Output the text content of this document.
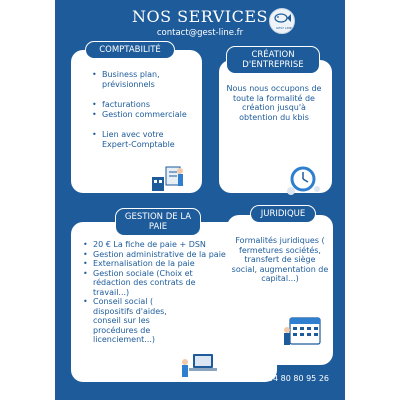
NOS SERVICES
GEST LINE
contact@gest-line.fr
COMPTABILITÉ
• Business plan, prévisionnels
• facturations
• Gestion commerciale
• Lien avec votre Expert-Comptable
CRÉATION D'ENTREPRISE
Nous nous occupons de toute la formalité de création jusqu'à obtention du kbis
GESTION DE LA PAIE
• 20 € La fiche de paie + DSN
• Gestion administrative de la paie
• Externalisation de la paie
• Gestion sociale (Choix et rédaction des contrats de travail...)
• Conseil social ( dispositifs d'aides, conseil sur les procédures de licenciement...)
JURIDIQUE
Formalités juridiques ( fermetures sociétés, transfert de siège social, augmentation de capital...)
tel : 04 80 80 95 26
